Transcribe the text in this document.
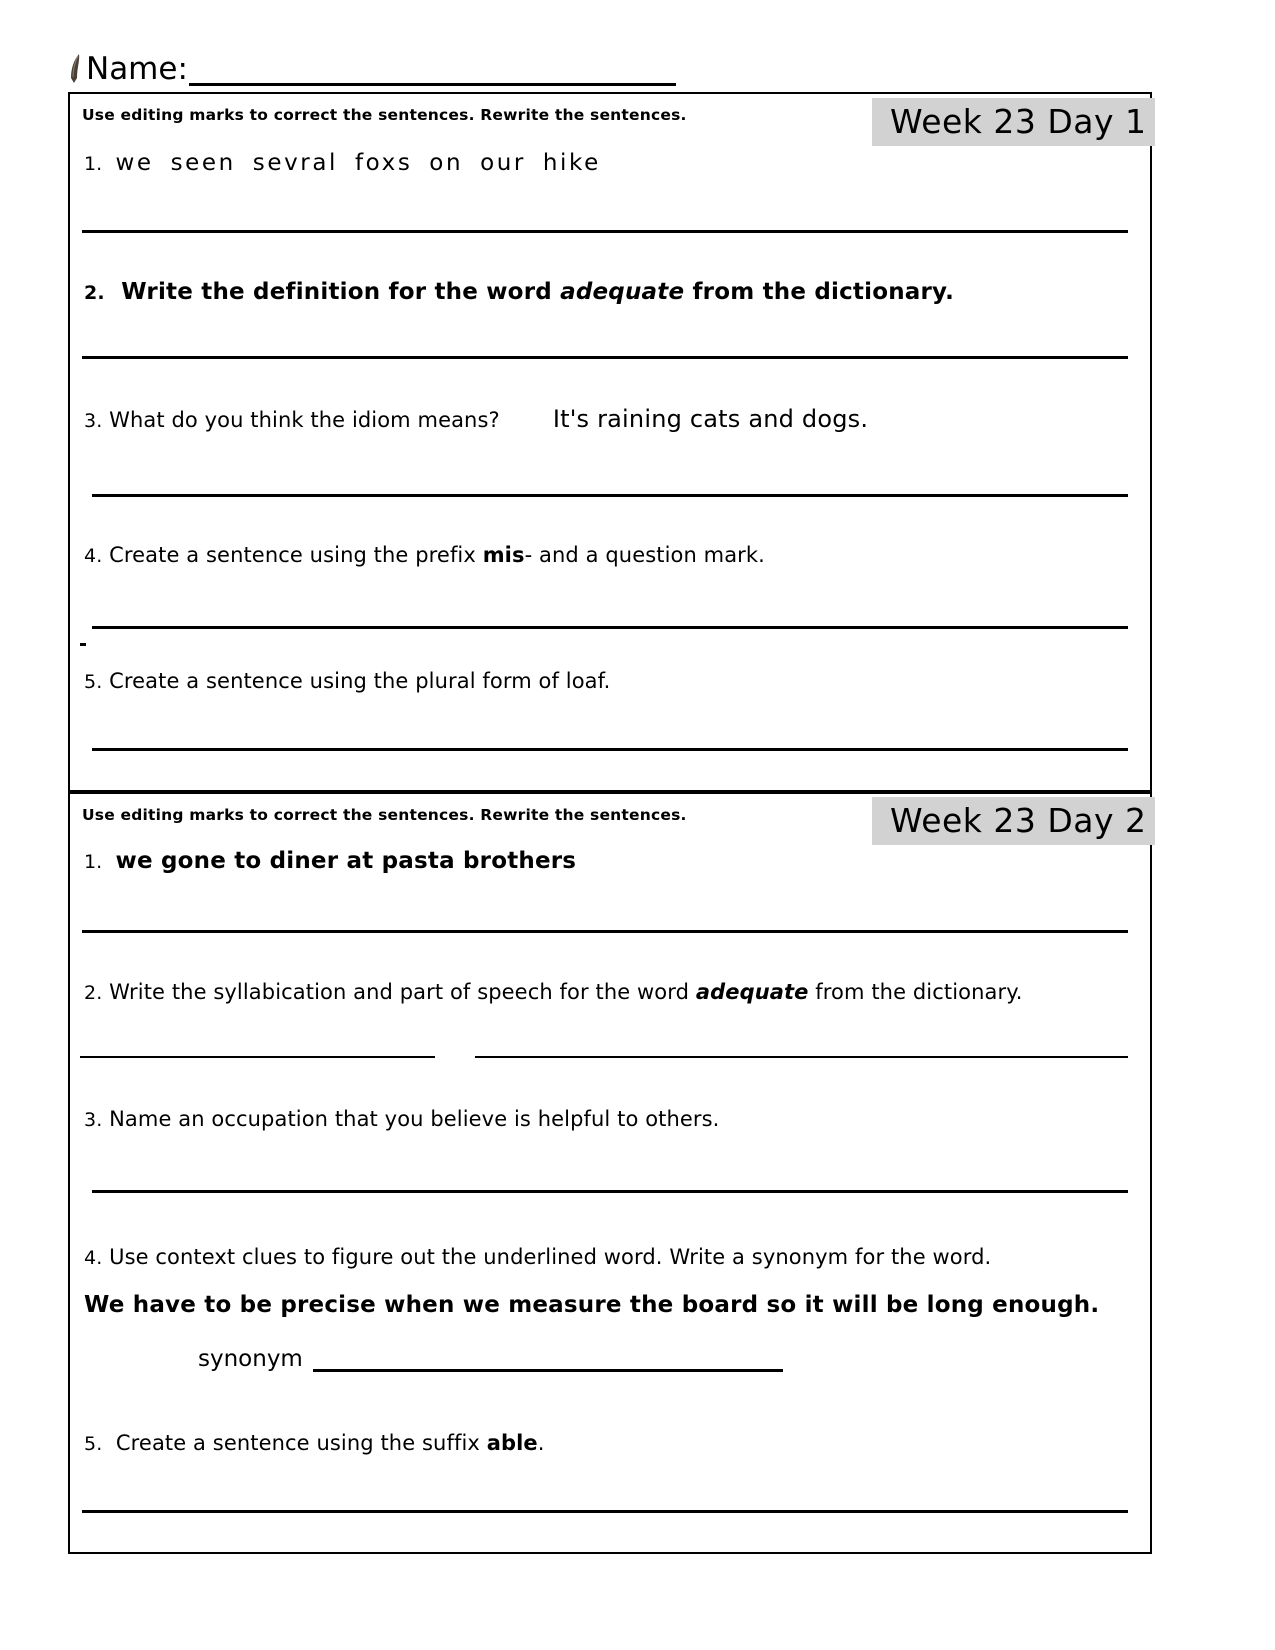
Name:
Use editing marks to correct the sentences. Rewrite the sentences.
1. we seen sevral foxs on our hike
2. Write the definition for the word adequate from the dictionary.
3. What do you think the idiom means? It's raining cats and dogs.
4. Create a sentence using the prefix mis- and a question mark.
5. Create a sentence using the plural form of loaf.
Week 23 Day 1
Use editing marks to correct the sentences. Rewrite the sentences.
1. we gone to diner at pasta brothers
2. Write the syllabication and part of speech for the word adequate from the dictionary.
3. Name an occupation that you believe is helpful to others.
4. Use context clues to figure out the underlined word. Write a synonym for the word.
We have to be precise when we measure the board so it will be long enough.
synonym
5. Create a sentence using the suffix able.
Week 23 Day 2
